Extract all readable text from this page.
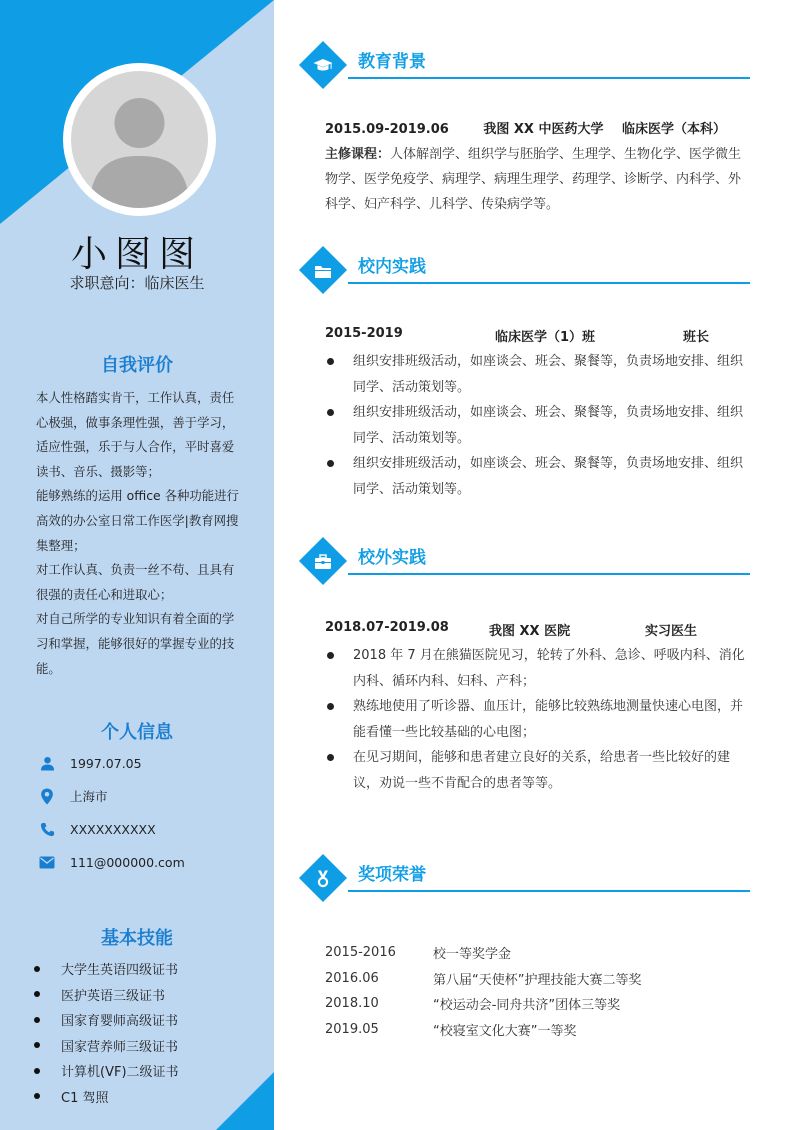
小图图
求职意向：临床医生
自我评价

本人性格踏实肯干，工作认真，责任心极强，做事条理性强，善于学习，适应性强，乐于与人合作，平时喜爱读书、音乐、摄影等；

能够熟练的运用 office 各种功能进行高效的办公室日常工作医学|教育网搜集整理；

对工作认真、负责一丝不苟、且具有很强的责任心和进取心；

对自己所学的专业知识有着全面的学习和掌握，能够很好的掌握专业的技能。

个人信息
1997.07.05
上海市
XXXXXXXXXX
111@000000.com
基本技能
大学生英语四级证书
医护英语三级证书
国家育婴师高级证书
国家营养师三级证书
计算机(VF)二级证书
C1 驾照
教育背景
2015.09-2019.06	我图 XX 中医药大学 临床医学（本科）
主修课程：人体解剖学、组织学与胚胎学、生理学、生物化学、医学微生物学、医学免疫学、病理学、病理生理学、药理学、诊断学、内科学、外科学、妇产科学、儿科学、传染病学等。
校内实践
2015-2019	临床医学（1）班	班长
组织安排班级活动，如座谈会、班会、聚餐等，负责场地安排、组织同学、活动策划等。
组织安排班级活动，如座谈会、班会、聚餐等，负责场地安排、组织同学、活动策划等。
组织安排班级活动，如座谈会、班会、聚餐等，负责场地安排、组织同学、活动策划等。
校外实践
2018.07-2019.08	我图 XX 医院	实习医生
2018 年 7 月在熊猫医院见习，轮转了外科、急诊、呼吸内科、消化内科、循环内科、妇科、产科；
熟练地使用了听诊器、血压计，能够比较熟练地测量快速心电图，并能看懂一些比较基础的心电图；
在见习期间，能够和患者建立良好的关系，给患者一些比较好的建议，劝说一些不肯配合的患者等等。
奖项荣誉
2015-2016	校一等奖学金
2016.06	第八届“天使杯”护理技能大赛二等奖
2018.10	“校运动会-同舟共济”团体三等奖
2019.05	“校寝室文化大赛”一等奖
